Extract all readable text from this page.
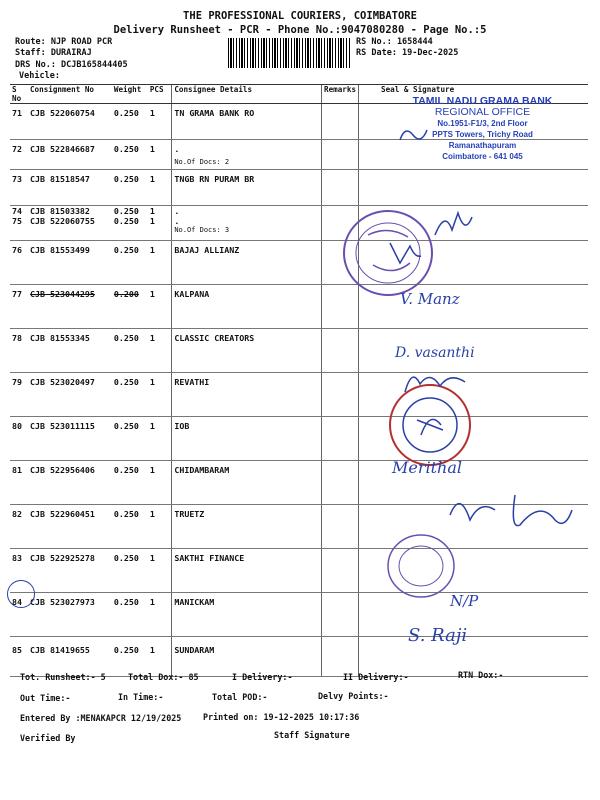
THE PROFESSIONAL COURIERS, COIMBATORE
Delivery Runsheet - PCR - Phone No.:9047080280 - Page No.:5
Route: NJP ROAD PCR
Staff: DURAIRAJ
DRS No.: DCJB165844405
Vehicle:
RS No.: 1658444
RS Date: 19-Dec-2025
S No	Consignment No	Weight	PCS	Consignee Details	Remarks	Seal & Signature
71	CJB 522060754	0.250	1	TN GRAMA BANK RO		
72	CJB 522846687	0.250	1	.
No.Of Docs: 2		

73	CJB 81518547	0.250	1	TNGB RN PURAM BR		
74	CJB 81503382	0.250	1	.		
75	CJB 522060755	0.250	1	.
No.Of Docs: 3		

76	CJB 81553499	0.250	1	BAJAJ ALLIANZ		
77	CJB 523044295	0.200	1	KALPANA		
78	CJB 81553345	0.250	1	CLASSIC CREATORS		
79	CJB 523020497	0.250	1	REVATHI		
80	CJB 523011115	0.250	1	IOB		
81	CJB 522956406	0.250	1	CHIDAMBARAM		
82	CJB 522960451	0.250	1	TRUETZ		
83	CJB 522925278	0.250	1	SAKTHI FINANCE		
84	CJB 523027973	0.250	1	MANICKAM		
85	CJB 81419655	0.250	1	SUNDARAM		
TAMIL NADU GRAMA BANK
REGIONAL OFFICE
No.1951-F1/3, 2nd Floor
PPTS Towers, Trichy Road
Ramanathapuram
Coimbatore - 641 045
V. Manz
D. vasanthi
Merithal
N/P
S. Raji
Tot. Runsheet:- 5	Total Dox:- 85	I Delivery:-	II Delivery:-	RTN Dox:-
Out Time:-	In Time:-	Total POD:-	Delvy Points:-
Entered By :MENAKAPCR 12/19/2025	Printed on: 19-12-2025 10:17:36
Verified By	Staff Signature
